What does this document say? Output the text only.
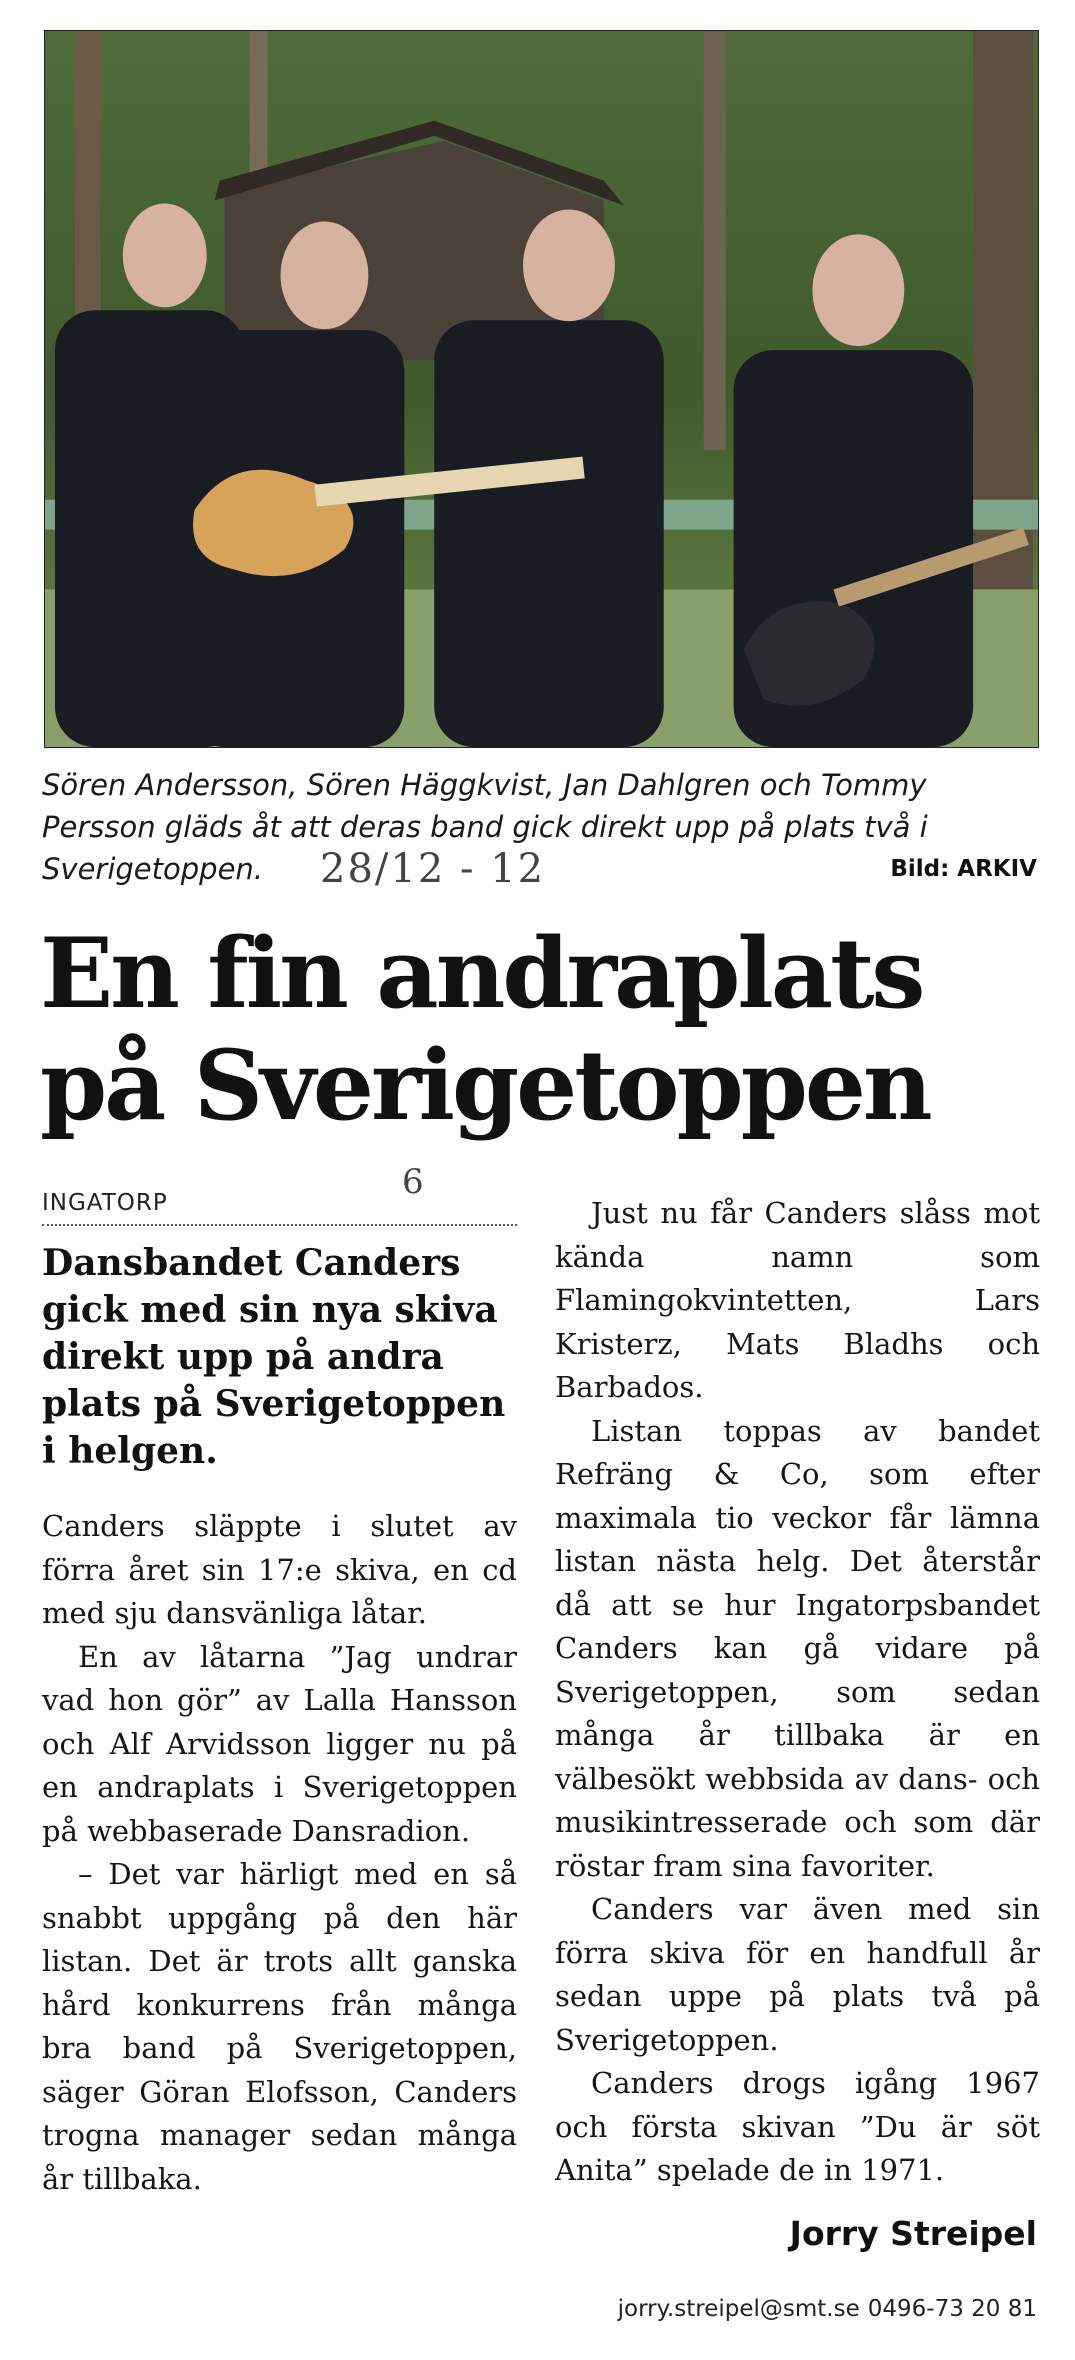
Sören Andersson, Sören Häggkvist, Jan Dahlgren och Tommy Persson gläds åt att deras band gick direkt upp på plats två i Sverigetoppen.	28/12 - 12	Bild: ARKIV
En fin andraplats
på Sverigetoppen
6
INGATORP

Dansbandet Canders gick med sin nya skiva direkt upp på andra plats på Sverigetoppen i helgen.

Canders släppte i slutet av förra året sin 17:e skiva, en cd med sju dansvänliga låtar.

En av låtarna ”Jag undrar vad hon gör” av Lalla Hansson och Alf Arvidsson ligger nu på en andraplats i Sverigetoppen på webbaserade Dansradion.

– Det var härligt med en så snabbt uppgång på den här listan. Det är trots allt ganska hård konkurrens från många bra band på Sverigetoppen, säger Göran Elofsson, Canders trogna manager sedan många år tillbaka.

Just nu får Canders slåss mot kända namn som Flamingokvintetten, Lars Kristerz, Mats Bladhs och Barbados.

Listan toppas av bandet Refräng & Co, som efter maximala tio veckor får lämna listan nästa helg. Det återstår då att se hur Ingatorpsbandet Canders kan gå vidare på Sverigetoppen, som sedan många år tillbaka är en välbesökt webbsida av dans- och musikintresserade och som där röstar fram sina favoriter.

Canders var även med sin förra skiva för en handfull år sedan uppe på plats två på Sverigetoppen.

Canders drogs igång 1967 och första skivan ”Du är söt Anita” spelade de in 1971.

Jorry Streipel
jorry.streipel@smt.se 0496-73 20 81
